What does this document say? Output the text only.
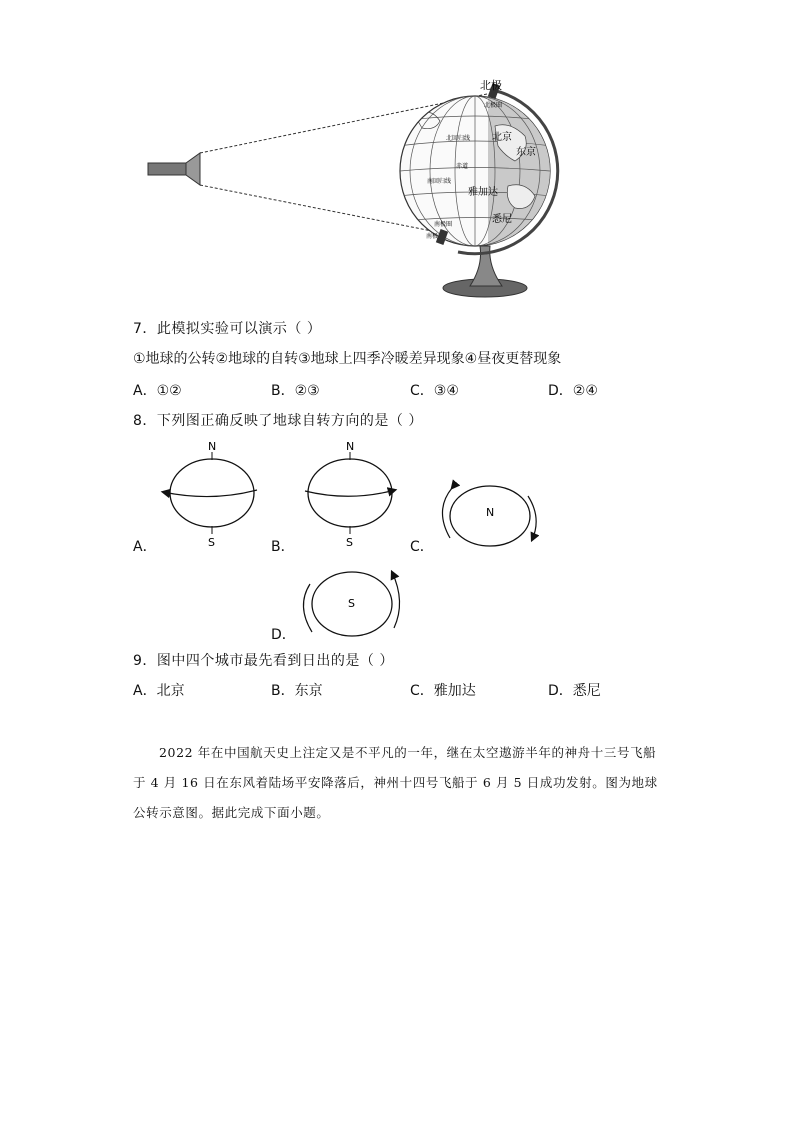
北极
北极圈
北回归线
赤道
南回归线
南极圈
南极
北京
东京
雅加达
悉尼
7．此模拟实验可以演示（ ）
①地球的公转②地球的自转③地球上四季冷暖差异现象④昼夜更替现象
A．①②	B．②③	C．③④	D．②④
8．下列图正确反映了地球自转方向的是（ ）
N
S
N
S
N
S
A．	B．	C．
D．
9．图中四个城市最先看到日出的是（ ）
A．北京	B．东京	C．雅加达	D．悉尼
2022 年在中国航天史上注定又是不平凡的一年，继在太空遨游半年的神舟十三号飞船于 4 月 16 日在东风着陆场平安降落后，神州十四号飞船于 6 月 5 日成功发射。图为地球公转示意图。据此完成下面小题。
